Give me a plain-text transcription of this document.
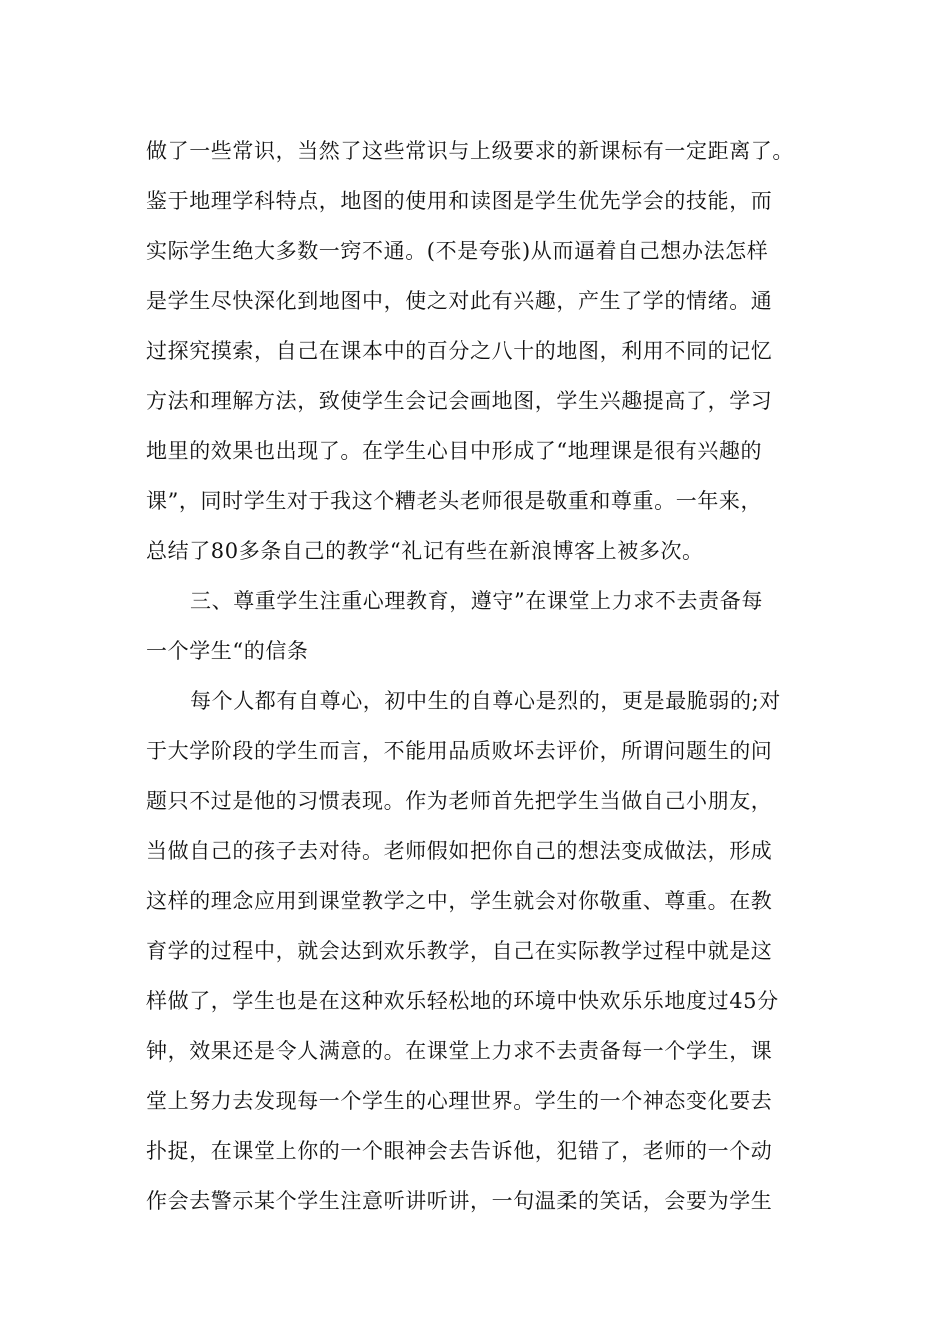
做了一些常识，当然了这些常识与上级要求的新课标有一定距离了。
鉴于地理学科特点，地图的使用和读图是学生优先学会的技能，而
实际学生绝大多数一窍不通。(不是夸张)从而逼着自己想办法怎样
是学生尽快深化到地图中，使之对此有兴趣，产生了学的情绪。通
过探究摸索，自己在课本中的百分之八十的地图，利用不同的记忆
方法和理解方法，致使学生会记会画地图，学生兴趣提高了，学习
地里的效果也出现了。在学生心目中形成了“地理课是很有兴趣的
课”，同时学生对于我这个糟老头老师很是敬重和尊重。一年来，
总结了80多条自己的教学“礼记有些在新浪博客上被多次。
三、尊重学生注重心理教育，遵守”在课堂上力求不去责备每
一个学生“的信条
每个人都有自尊心，初中生的自尊心是烈的，更是最脆弱的;对
于大学阶段的学生而言，不能用品质败坏去评价，所谓问题生的问
题只不过是他的习惯表现。作为老师首先把学生当做自己小朋友，
当做自己的孩子去对待。老师假如把你自己的想法变成做法，形成
这样的理念应用到课堂教学之中，学生就会对你敬重、尊重。在教
育学的过程中，就会达到欢乐教学，自己在实际教学过程中就是这
样做了，学生也是在这种欢乐轻松地的环境中快欢乐乐地度过45分
钟，效果还是令人满意的。在课堂上力求不去责备每一个学生，课
堂上努力去发现每一个学生的心理世界。学生的一个神态变化要去
扑捉，在课堂上你的一个眼神会去告诉他，犯错了，老师的一个动
作会去警示某个学生注意听讲听讲，一句温柔的笑话，会要为学生
